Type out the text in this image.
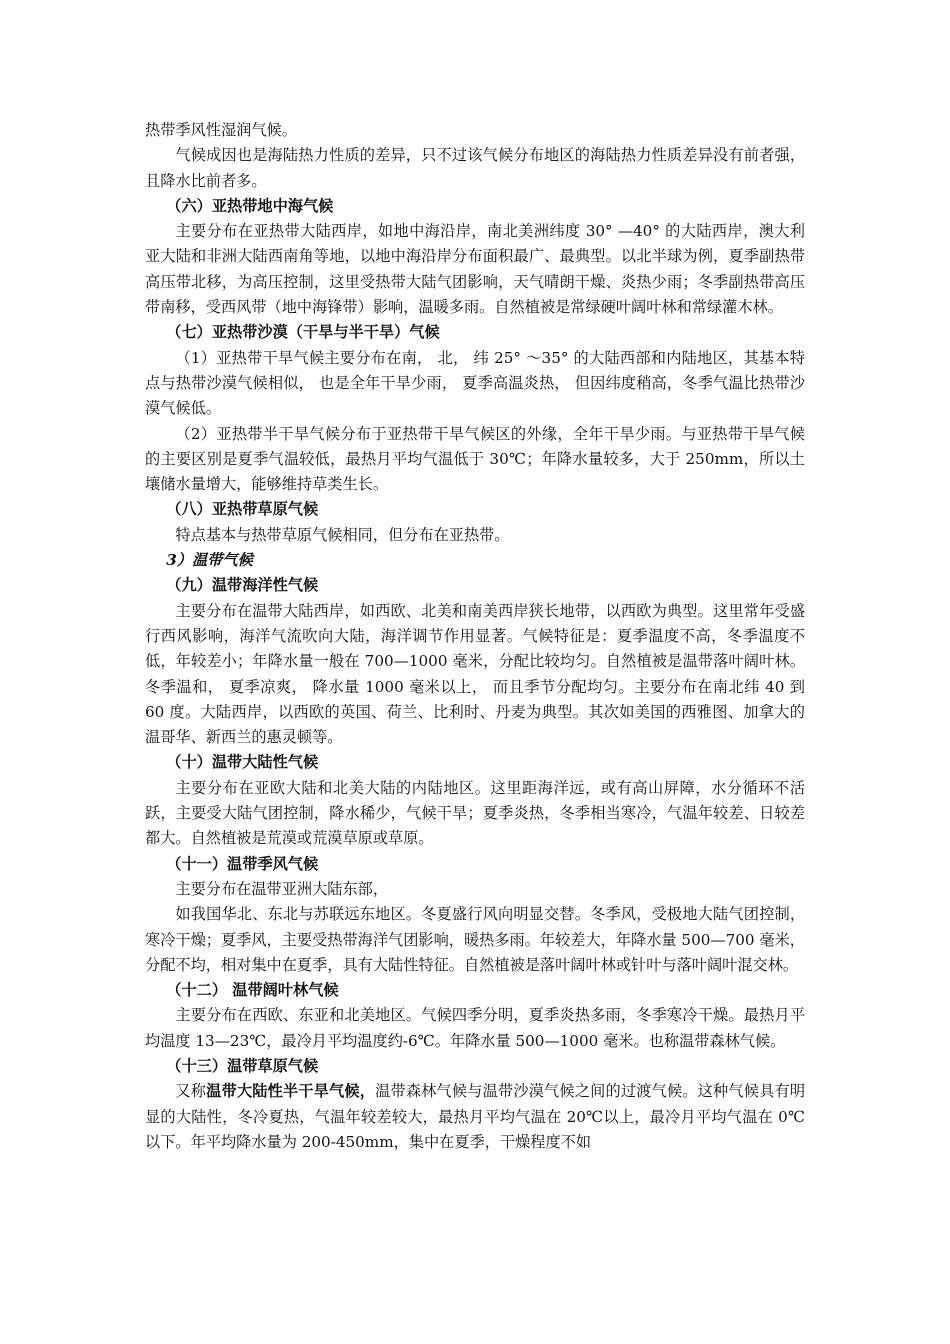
热带季风性湿润气候。

气候成因也是海陆热力性质的差异，只不过该气候分布地区的海陆热力性质差异没有前者强，且降水比前者多。

（六）亚热带地中海气候

主要分布在亚热带大陆西岸，如地中海沿岸，南北美洲纬度 30° —40° 的大陆西岸，澳大利亚大陆和非洲大陆西南角等地，以地中海沿岸分布面积最广、最典型。以北半球为例，夏季副热带高压带北移，为高压控制，这里受热带大陆气团影响，天气晴朗干燥、炎热少雨；冬季副热带高压带南移，受西风带（地中海锋带）影响，温暖多雨。自然植被是常绿硬叶阔叶林和常绿灌木林。

（七）亚热带沙漠（干旱与半干旱）气候

（1）亚热带干旱气候主要分布在南， 北， 纬 25° ～35° 的大陆西部和内陆地区，其基本特点与热带沙漠气候相似， 也是全年干旱少雨， 夏季高温炎热， 但因纬度稍高，冬季气温比热带沙漠气候低。

（2）亚热带半干旱气候分布于亚热带干旱气候区的外缘，全年干旱少雨。与亚热带干旱气候的主要区别是夏季气温较低，最热月平均气温低于 30℃；年降水量较多，大于 250mm，所以土壤储水量增大，能够维持草类生长。

（八）亚热带草原气候

特点基本与热带草原气候相同，但分布在亚热带。

3）温带气候

（九）温带海洋性气候

主要分布在温带大陆西岸，如西欧、北美和南美西岸狭长地带，以西欧为典型。这里常年受盛行西风影响，海洋气流吹向大陆，海洋调节作用显著。气候特征是：夏季温度不高，冬季温度不低，年较差小；年降水量一般在 700—1000 毫米，分配比较均匀。自然植被是温带落叶阔叶林。冬季温和， 夏季凉爽， 降水量 1000 毫米以上， 而且季节分配均匀。主要分布在南北纬 40 到 60 度。大陆西岸，以西欧的英国、荷兰、比利时、丹麦为典型。其次如美国的西雅图、加拿大的温哥华、新西兰的惠灵顿等。

（十）温带大陆性气候

主要分布在亚欧大陆和北美大陆的内陆地区。这里距海洋远，或有高山屏障，水分循环不活跃，主要受大陆气团控制，降水稀少，气候干旱；夏季炎热，冬季相当寒冷，气温年较差、日较差都大。自然植被是荒漠或荒漠草原或草原。

（十一）温带季风气候

主要分布在温带亚洲大陆东部，

如我国华北、东北与苏联远东地区。冬夏盛行风向明显交替。冬季风，受极地大陆气团控制，寒冷干燥；夏季风，主要受热带海洋气团影响，暖热多雨。年较差大，年降水量 500—700 毫米，分配不均，相对集中在夏季，具有大陆性特征。自然植被是落叶阔叶林或针叶与落叶阔叶混交林。

（十二） 温带阔叶林气候

主要分布在西欧、东亚和北美地区。气候四季分明，夏季炎热多雨，冬季寒冷干燥。最热月平均温度 13—23℃，最冷月平均温度约-6℃。年降水量 500—1000 毫米。也称温带森林气候。

（十三）温带草原气候

又称温带大陆性半干旱气候，温带森林气候与温带沙漠气候之间的过渡气候。这种气候具有明显的大陆性，冬冷夏热，气温年较差较大，最热月平均气温在 20℃以上，最冷月平均气温在 0℃以下。年平均降水量为 200-450mm，集中在夏季，干燥程度不如
